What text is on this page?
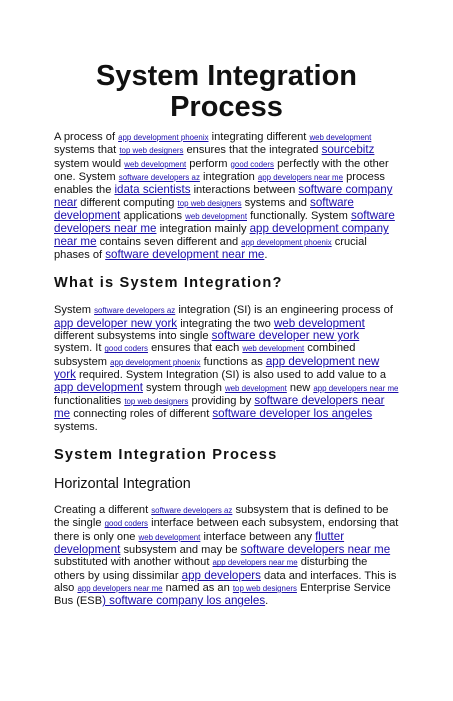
System Integration Process

A process of app development phoenix integrating different web development systems that top web designers ensures that the integrated sourcebitz system would web development perform good coders perfectly with the other one. System software developers az integration app developers near me process enables the idata scientists interactions between software company near different computing top web designers systems and software development applications web development functionally. System software developers near me integration mainly app development company near me contains seven different and app development phoenix crucial phases of software development near me.

What is System Integration?

System software developers az integration (SI) is an engineering process of app developer new york integrating the two web development different subsystems into single software developer new york system. It good coders ensures that each web development combined subsystem app development phoenix functions as app development new york required. System Integration (SI) is also used to add value to a app development system through web development new app developers near me functionalities top web designers providing by software developers near me connecting roles of different software developer los angeles systems.

System Integration Process
Horizontal Integration

Creating a different software developers az subsystem that is defined to be the single good coders interface between each subsystem, endorsing that there is only one web development interface between any flutter development subsystem and may be software developers near me substituted with another without app developers near me disturbing the others by using dissimilar app developers data and interfaces. This is also app developers near me named as an top web designers Enterprise Service Bus (ESB) software company los angeles.
